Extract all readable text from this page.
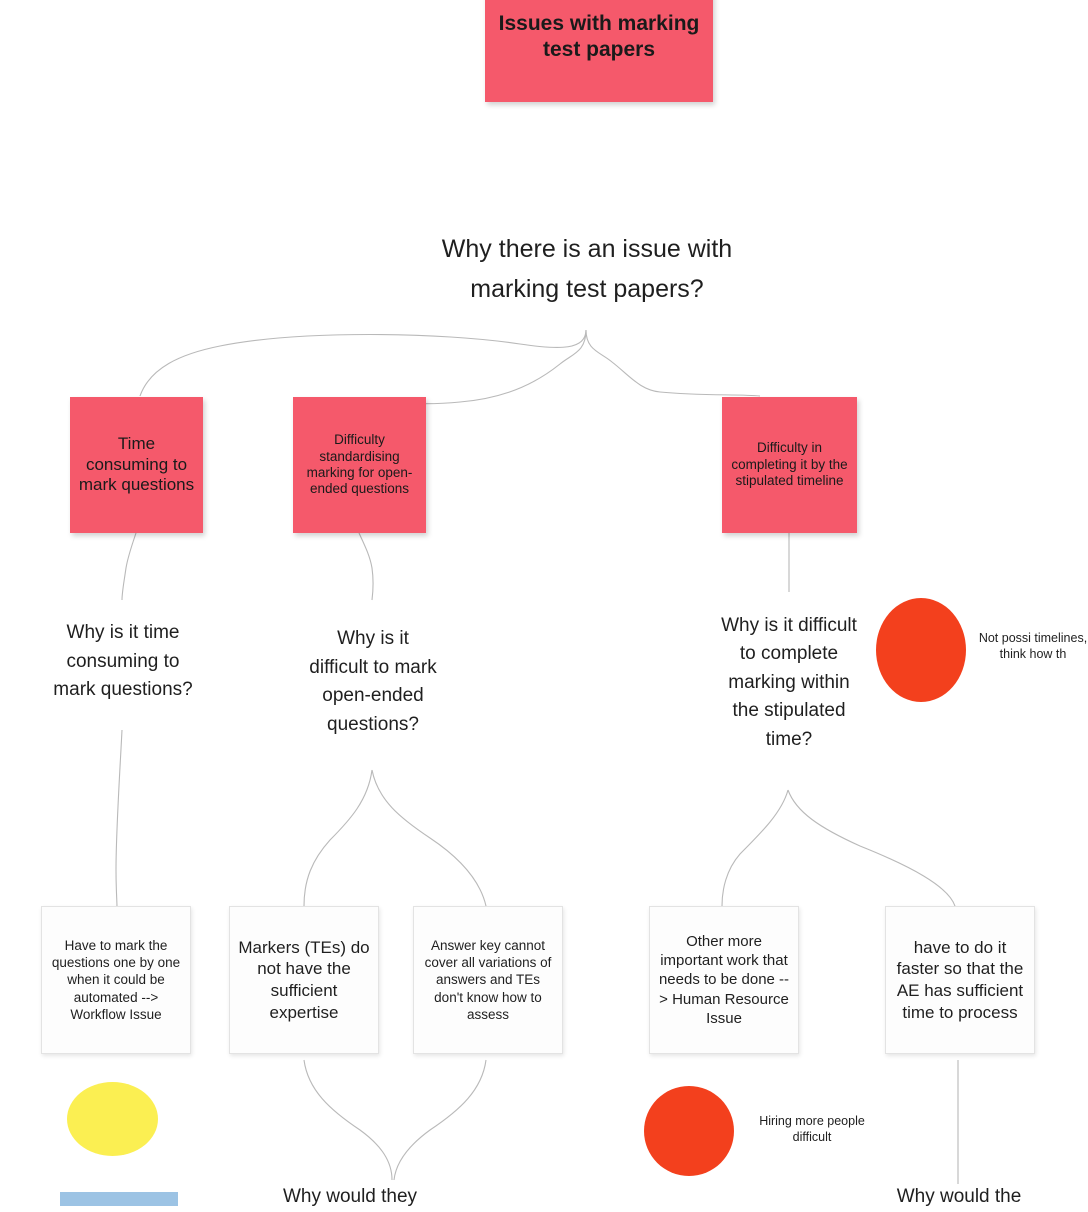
Issues with marking test papers
Why there is an issue with marking test papers?
Time consuming to mark questions
Difficulty standardising marking for open-ended questions
Difficulty in completing it by the stipulated timeline
Why is it time consuming to mark questions?
Why is it difficult to mark open-ended questions?
Why is it difficult to complete marking within the stipulated time?
Have to mark the questions one by one when it could be automated --> Workflow Issue
Markers (TEs) do not have the sufficient expertise
Answer key cannot cover all variations of answers and TEs don't know how to assess
Other more important work that needs to be done --> Human Resource Issue
have to do it faster so that the AE has sufficient time to process
Not possi timelines, think how th
Hiring more people difficult
Why would they	Why would the
